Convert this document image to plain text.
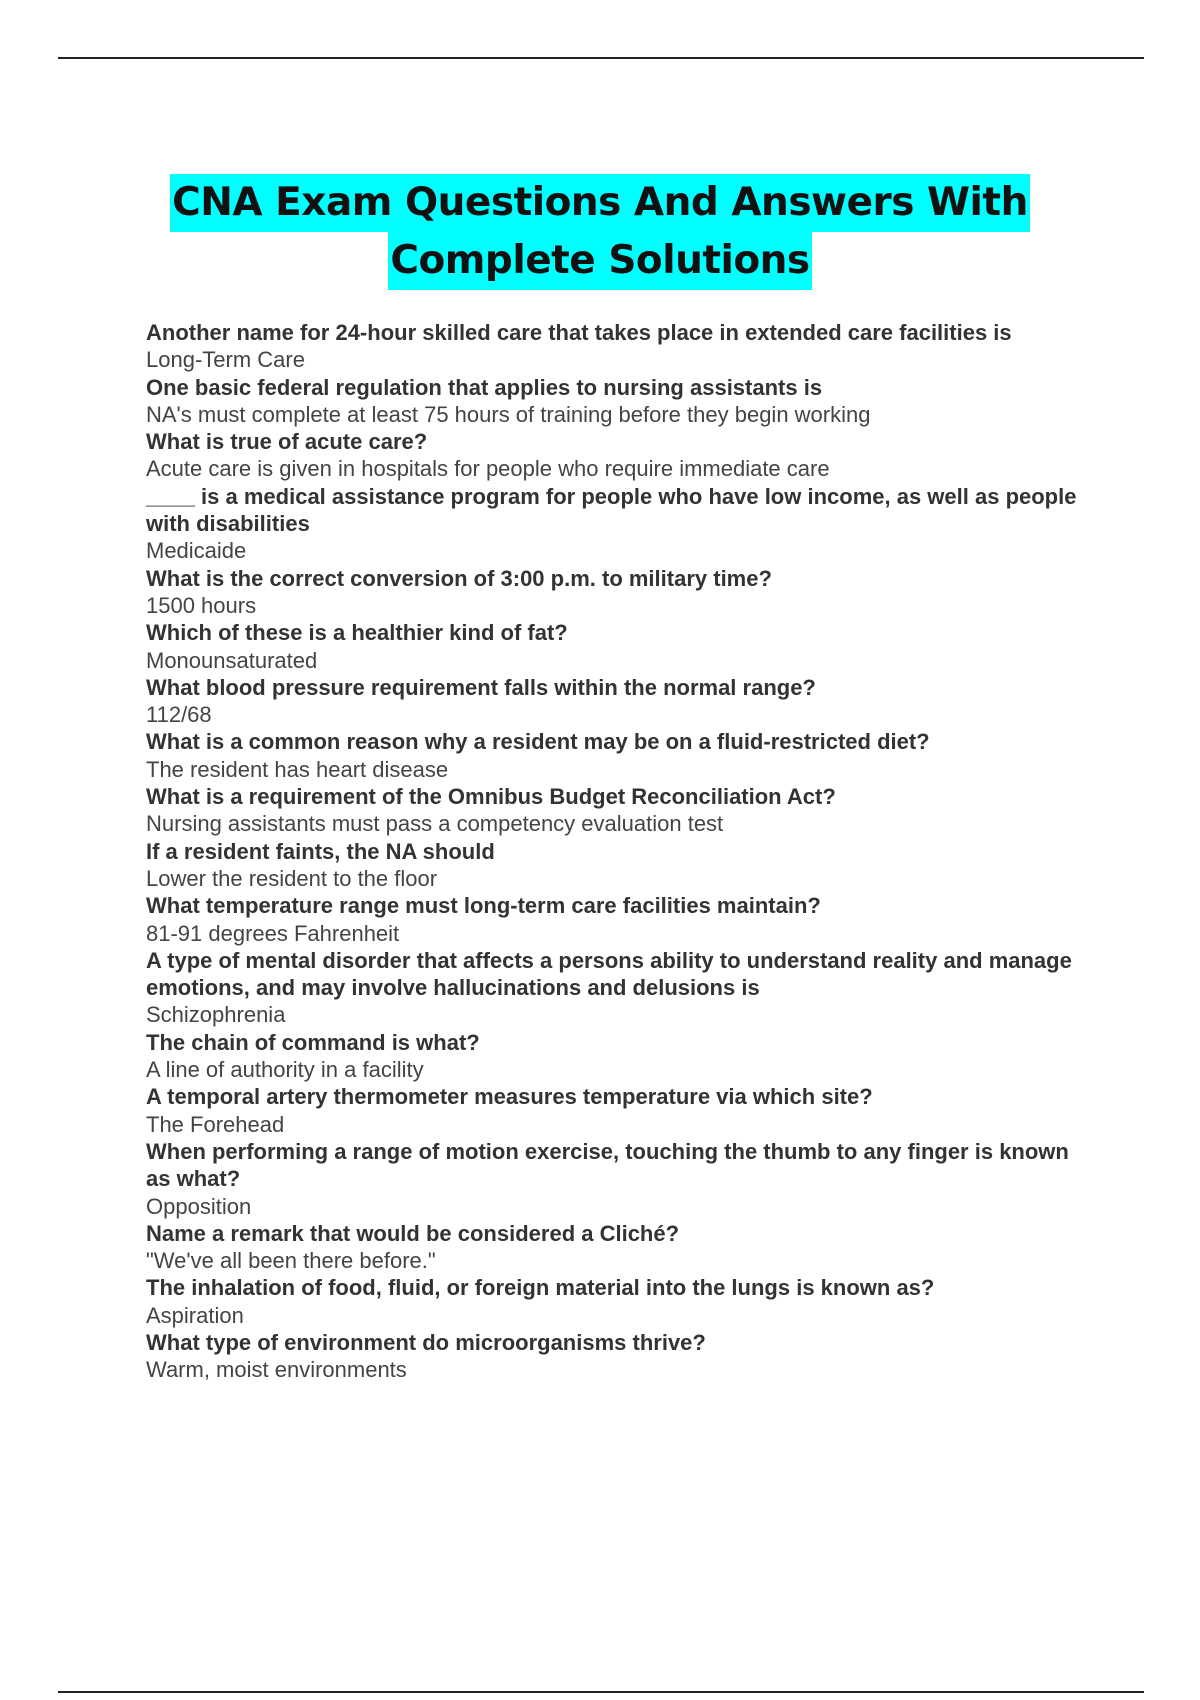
CNA Exam Questions And Answers With
Complete Solutions
Another name for 24-hour skilled care that takes place in extended care facilities is
Long-Term Care
One basic federal regulation that applies to nursing assistants is
NA's must complete at least 75 hours of training before they begin working
What is true of acute care?
Acute care is given in hospitals for people who require immediate care
____ is a medical assistance program for people who have low income, as well as people with disabilities
Medicaide
What is the correct conversion of 3:00 p.m. to military time?
1500 hours
Which of these is a healthier kind of fat?
Monounsaturated
What blood pressure requirement falls within the normal range?
112/68
What is a common reason why a resident may be on a fluid-restricted diet?
The resident has heart disease
What is a requirement of the Omnibus Budget Reconciliation Act?
Nursing assistants must pass a competency evaluation test
If a resident faints, the NA should
Lower the resident to the floor
What temperature range must long-term care facilities maintain?
81-91 degrees Fahrenheit
A type of mental disorder that affects a persons ability to understand reality and manage emotions, and may involve hallucinations and delusions is
Schizophrenia
The chain of command is what?
A line of authority in a facility
A temporal artery thermometer measures temperature via which site?
The Forehead
When performing a range of motion exercise, touching the thumb to any finger is known as what?
Opposition
Name a remark that would be considered a Cliché?
"We've all been there before."
The inhalation of food, fluid, or foreign material into the lungs is known as?
Aspiration
What type of environment do microorganisms thrive?
Warm, moist environments
